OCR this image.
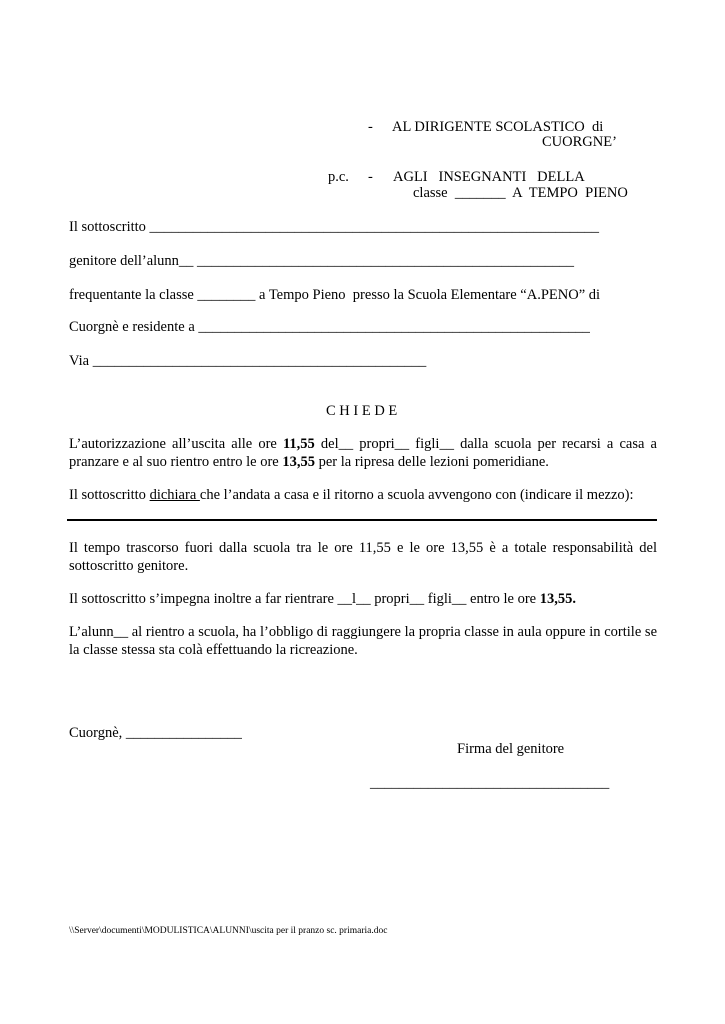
- AL DIRIGENTE SCOLASTICO  di
CUORGNE’
p.c. - AGLI   INSEGNANTI   DELLA
classe  _______  A  TEMPO  PIENO
Il sottoscritto ______________________________________________________________
genitore dell’alunn__ ____________________________________________________
frequentante la classe ________ a Tempo Pieno  presso la Scuola Elementare “A.PENO” di
Cuorgnè e residente a ______________________________________________________
Via ______________________________________________
C H I E D E
L’autorizzazione all’uscita alle ore 11,55 del__ propri__ figli__ dalla scuola per recarsi a casa a pranzare e al suo rientro entro le ore 13,55 per la ripresa delle lezioni pomeridiane.
Il sottoscritto dichiara che l’andata a casa e il ritorno a scuola avvengono con (indicare il mezzo):
Il tempo trascorso fuori dalla scuola tra le ore 11,55 e le ore 13,55 è a totale responsabilità del sottoscritto genitore.
Il sottoscritto s’impegna inoltre a far rientrare __l__ propri__ figli__ entro le ore 13,55.
L’alunn__ al rientro a scuola, ha l’obbligo di raggiungere la propria classe in aula oppure in cortile se la classe stessa sta colà effettuando la ricreazione.
Cuorgnè, ________________
Firma del genitore
_________________________________
\\Server\documenti\MODULISTICA\ALUNNI\uscita per il pranzo sc. primaria.doc
